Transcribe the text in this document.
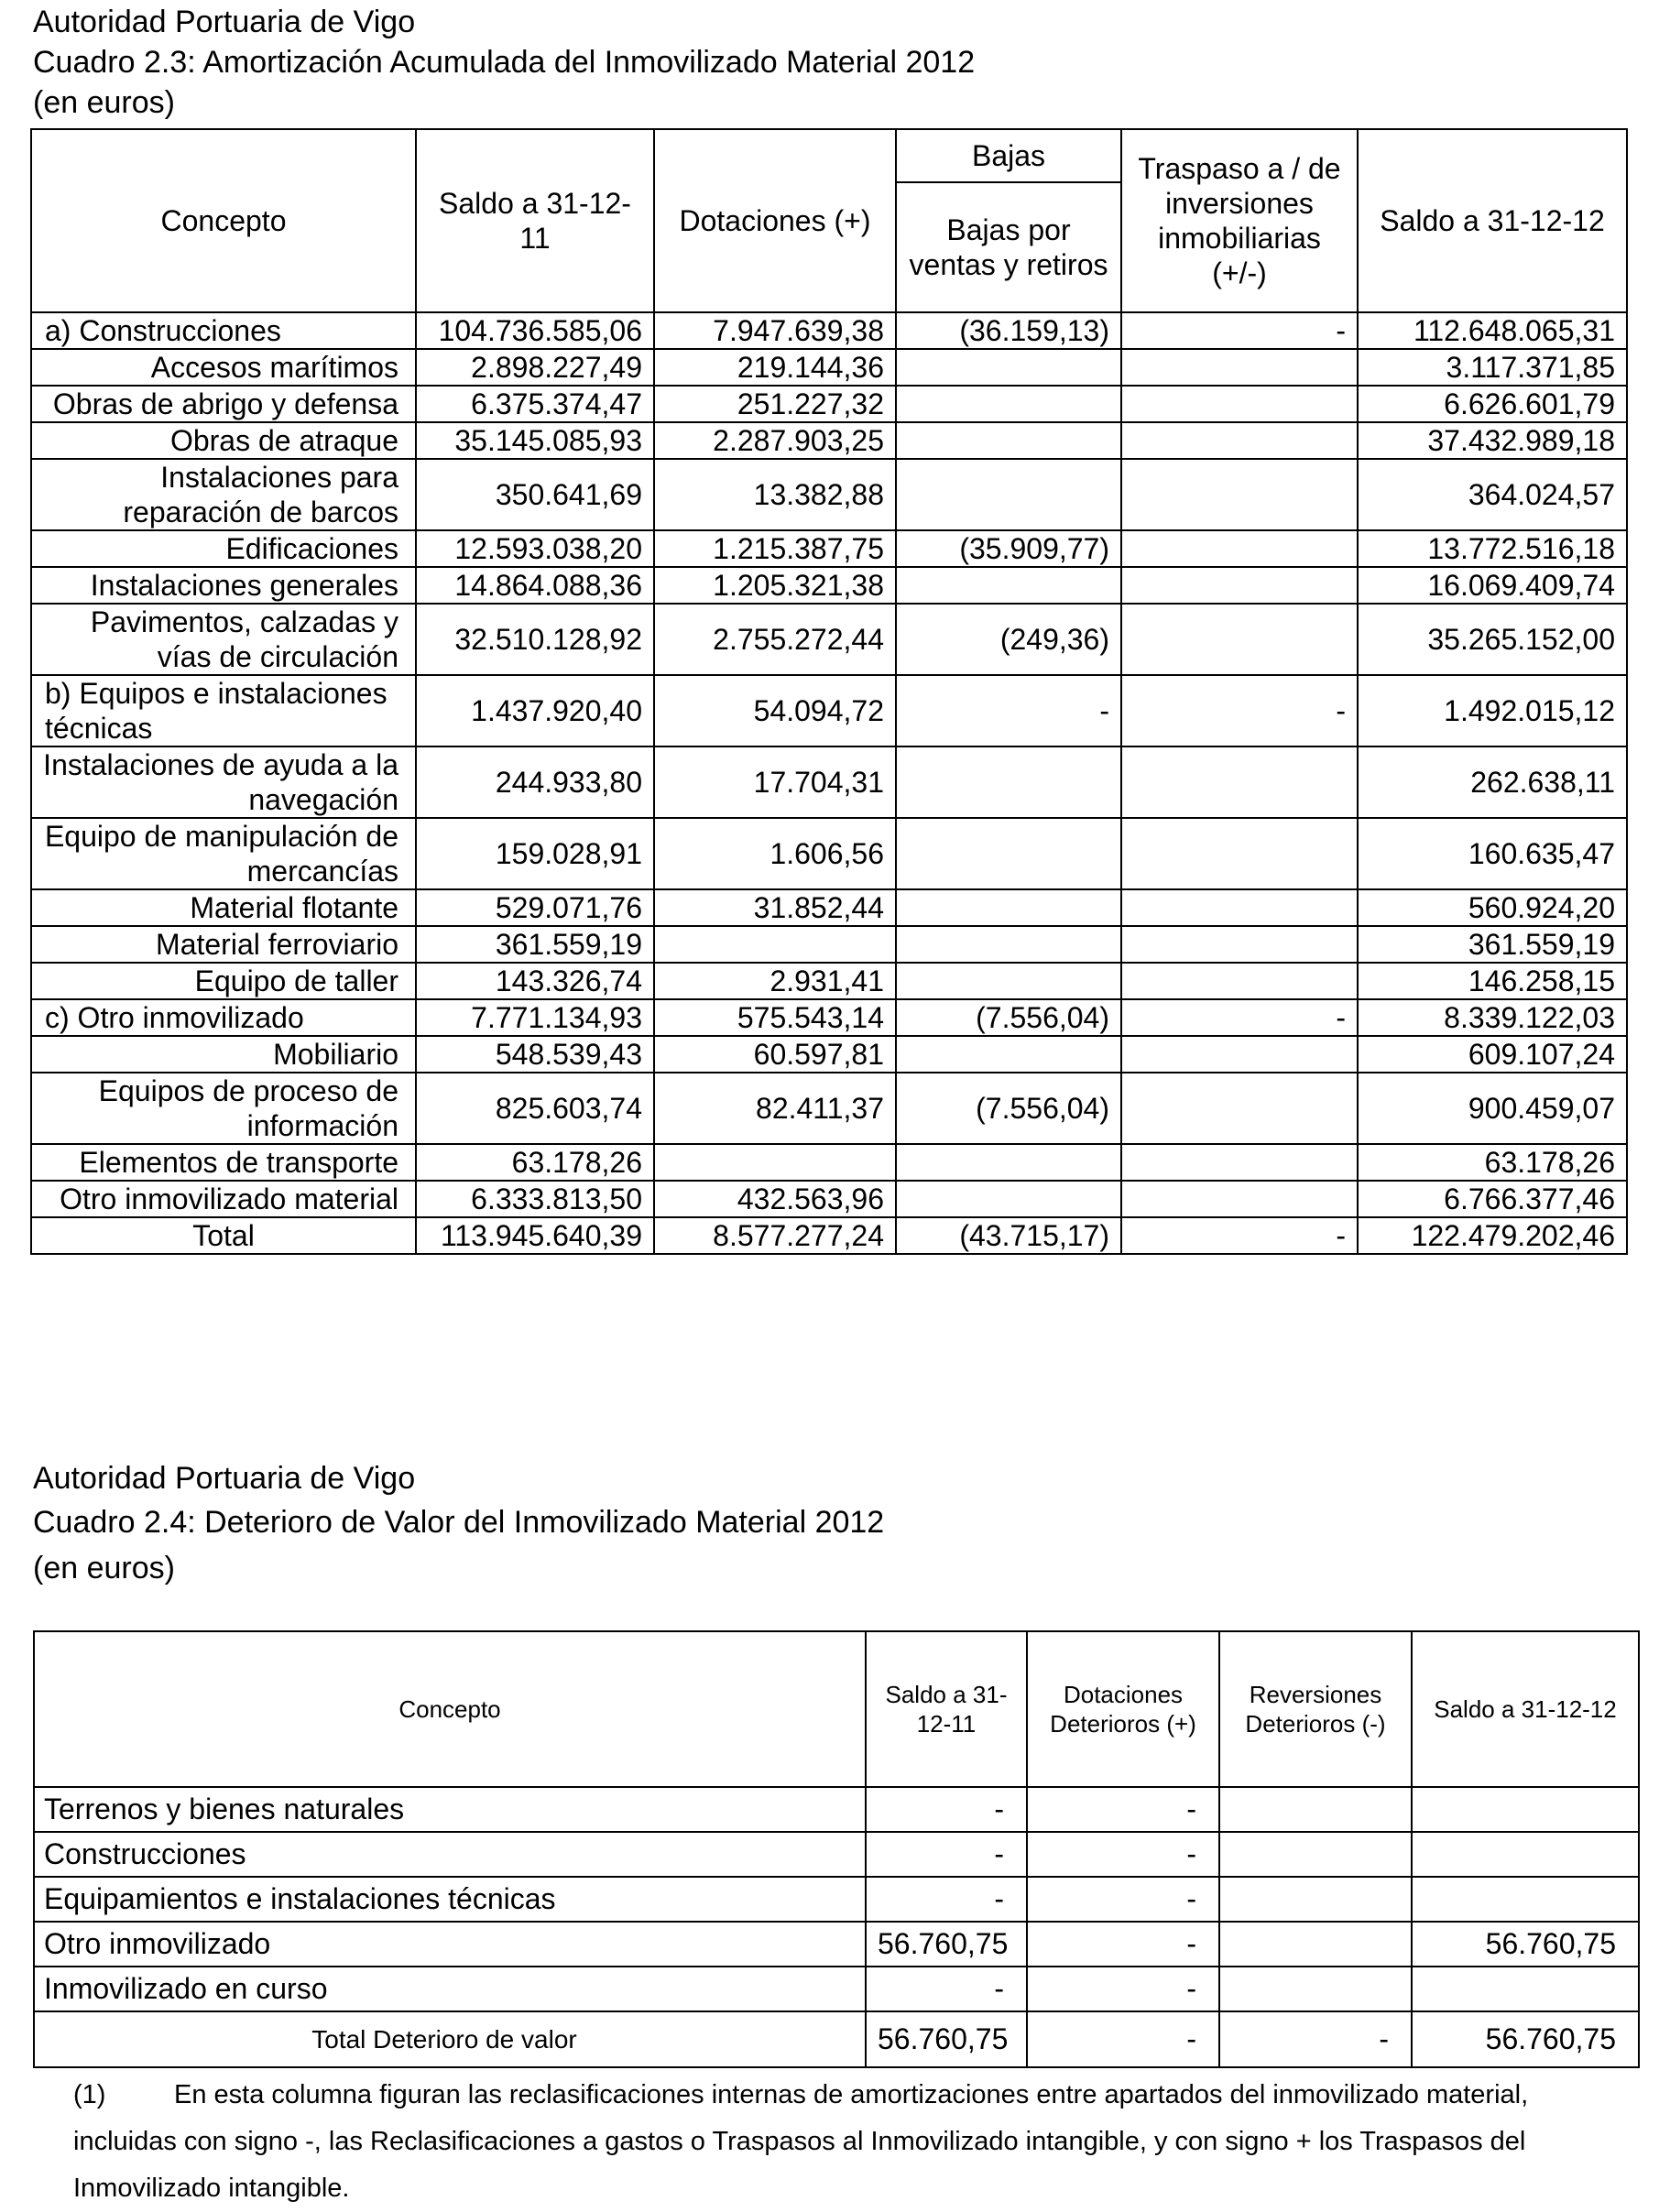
Autoridad Portuaria de Vigo
Cuadro 2.3: Amortización Acumulada del Inmovilizado Material 2012
(en euros)
Concepto	Saldo a 31-12-11	Dotaciones (+)	Bajas	Traspaso a / de inversiones inmobiliarias (+/-)	Saldo a 31-12-12
			Bajas por ventas y retiros		
a) Construcciones	104.736.585,06	7.947.639,38	(36.159,13)	-	112.648.065,31
Accesos marítimos	2.898.227,49	219.144,36			3.117.371,85
Obras de abrigo y defensa	6.375.374,47	251.227,32			6.626.601,79
Obras de atraque	35.145.085,93	2.287.903,25			37.432.989,18
Instalaciones para reparación de barcos	350.641,69	13.382,88			364.024,57
Edificaciones	12.593.038,20	1.215.387,75	(35.909,77)		13.772.516,18
Instalaciones generales	14.864.088,36	1.205.321,38			16.069.409,74
Pavimentos, calzadas y vías de circulación	32.510.128,92	2.755.272,44	(249,36)		35.265.152,00
b) Equipos e instalaciones técnicas	1.437.920,40	54.094,72	-	-	1.492.015,12
Instalaciones de ayuda a la navegación	244.933,80	17.704,31			262.638,11
Equipo de manipulación de mercancías	159.028,91	1.606,56			160.635,47
Material flotante	529.071,76	31.852,44			560.924,20
Material ferroviario	361.559,19				361.559,19
Equipo de taller	143.326,74	2.931,41			146.258,15
c) Otro inmovilizado	7.771.134,93	575.543,14	(7.556,04)	-	8.339.122,03
Mobiliario	548.539,43	60.597,81			609.107,24
Equipos de proceso de información	825.603,74	82.411,37	(7.556,04)		900.459,07
Elementos de transporte	63.178,26				63.178,26
Otro inmovilizado material	6.333.813,50	432.563,96			6.766.377,46
Total	113.945.640,39	8.577.277,24	(43.715,17)	-	122.479.202,46
Autoridad Portuaria de Vigo
Cuadro 2.4: Deterioro de Valor del Inmovilizado Material 2012
(en euros)
Concepto	Saldo a 31-12-11	Dotaciones Deterioros (+)	Reversiones Deterioros (-)	Saldo a 31-12-12
Terrenos y bienes naturales	-	-		
Construcciones	-	-		
Equipamientos e instalaciones técnicas	-	-		
Otro inmovilizado	56.760,75	-		56.760,75
Inmovilizado en curso	-	-		
Total Deterioro de valor	56.760,75	-	-	56.760,75
(1)	En esta columna figuran las reclasificaciones internas de amortizaciones entre apartados del inmovilizado material, incluidas con signo -, las Reclasificaciones a gastos o Traspasos al Inmovilizado intangible, y con signo + los Traspasos del Inmovilizado intangible.
